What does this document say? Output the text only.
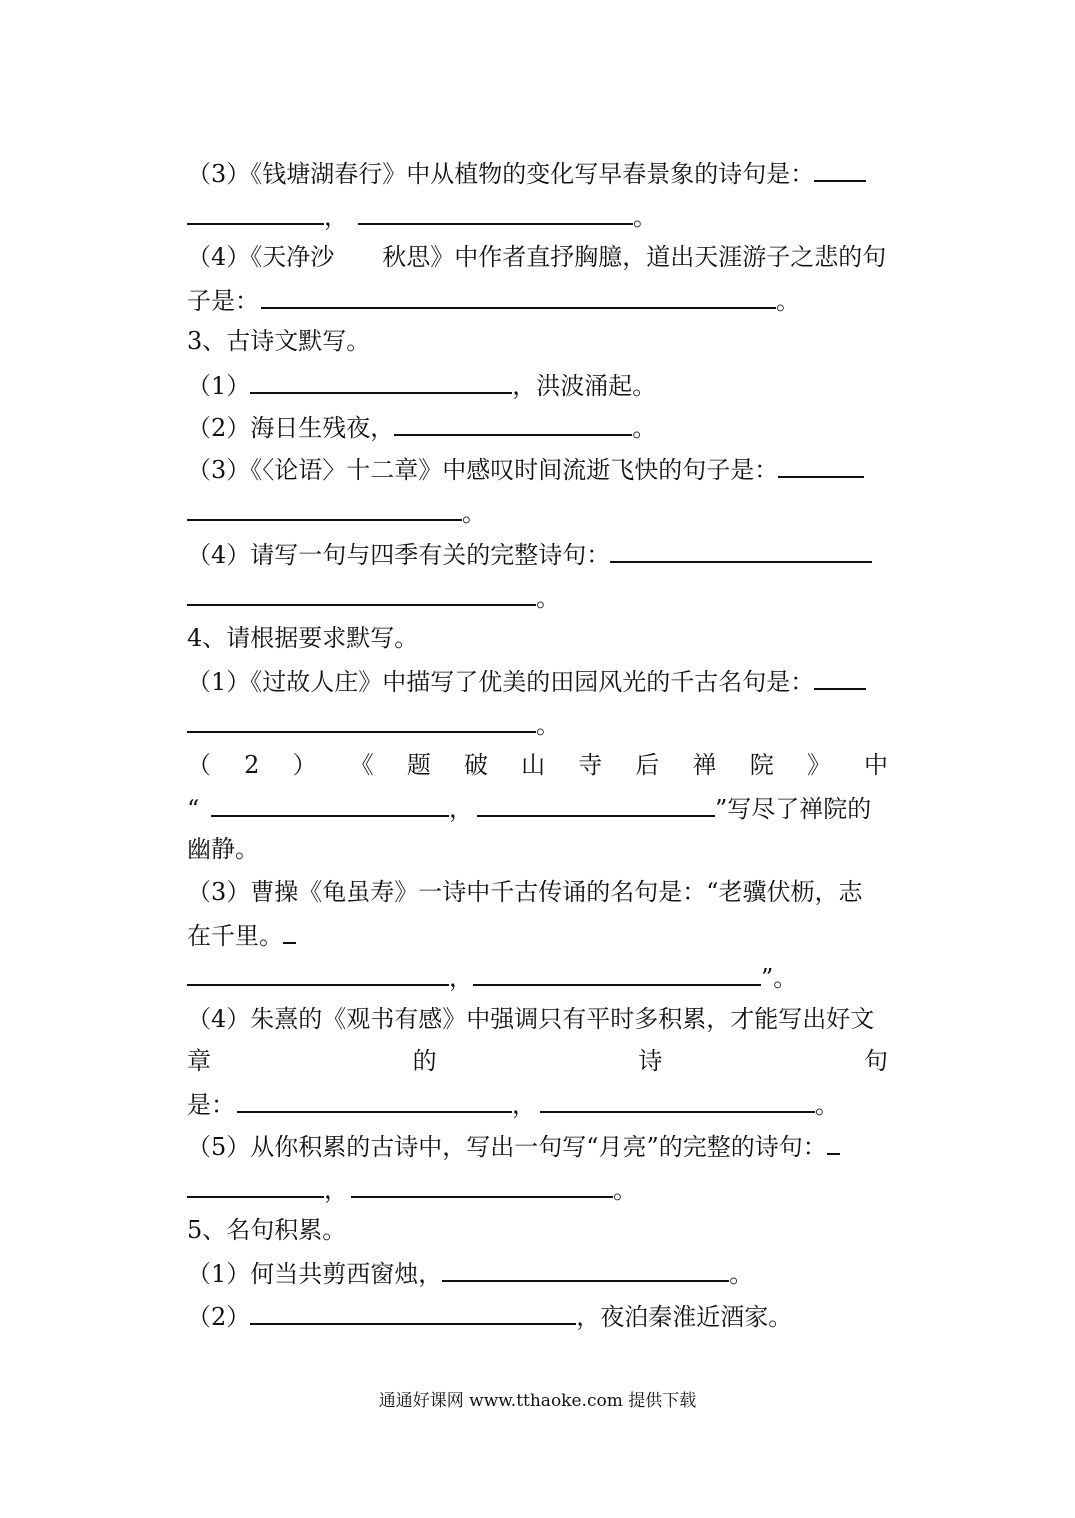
（3）《钱塘湖春行》中从植物的变化写早春景象的诗句是：
，	。
（4）《天净沙　　秋思》中作者直抒胸臆，道出天涯游子之悲的句
子是：	。
3、古诗文默写。
（1）	，洪波涌起。
（2）海日生残夜，	。
（3）《〈论语〉十二章》中感叹时间流逝飞快的句子是：
。
（4）请写一句与四季有关的完整诗句：
。
4、请根据要求默写。
（1）《过故人庄》中描写了优美的田园风光的千古名句是：
。
（ 2 ） 《 题 破 山 寺 后 禅 院 》 中
“	，	”写尽了禅院的
幽静。
（3）曹操《龟虽寿》一诗中千古传诵的名句是：“老骥伏枥，志
在千里。
，	”。
（4）朱熹的《观书有感》中强调只有平时多积累，才能写出好文
章	的	诗	句
是：	，	。
（5）从你积累的古诗中，写出一句写“月亮”的完整的诗句：
，	。
5、名句积累。
（1）何当共剪西窗烛，	。
（2）	，夜泊秦淮近酒家。
通通好课网 www.tthaoke.com 提供下载
